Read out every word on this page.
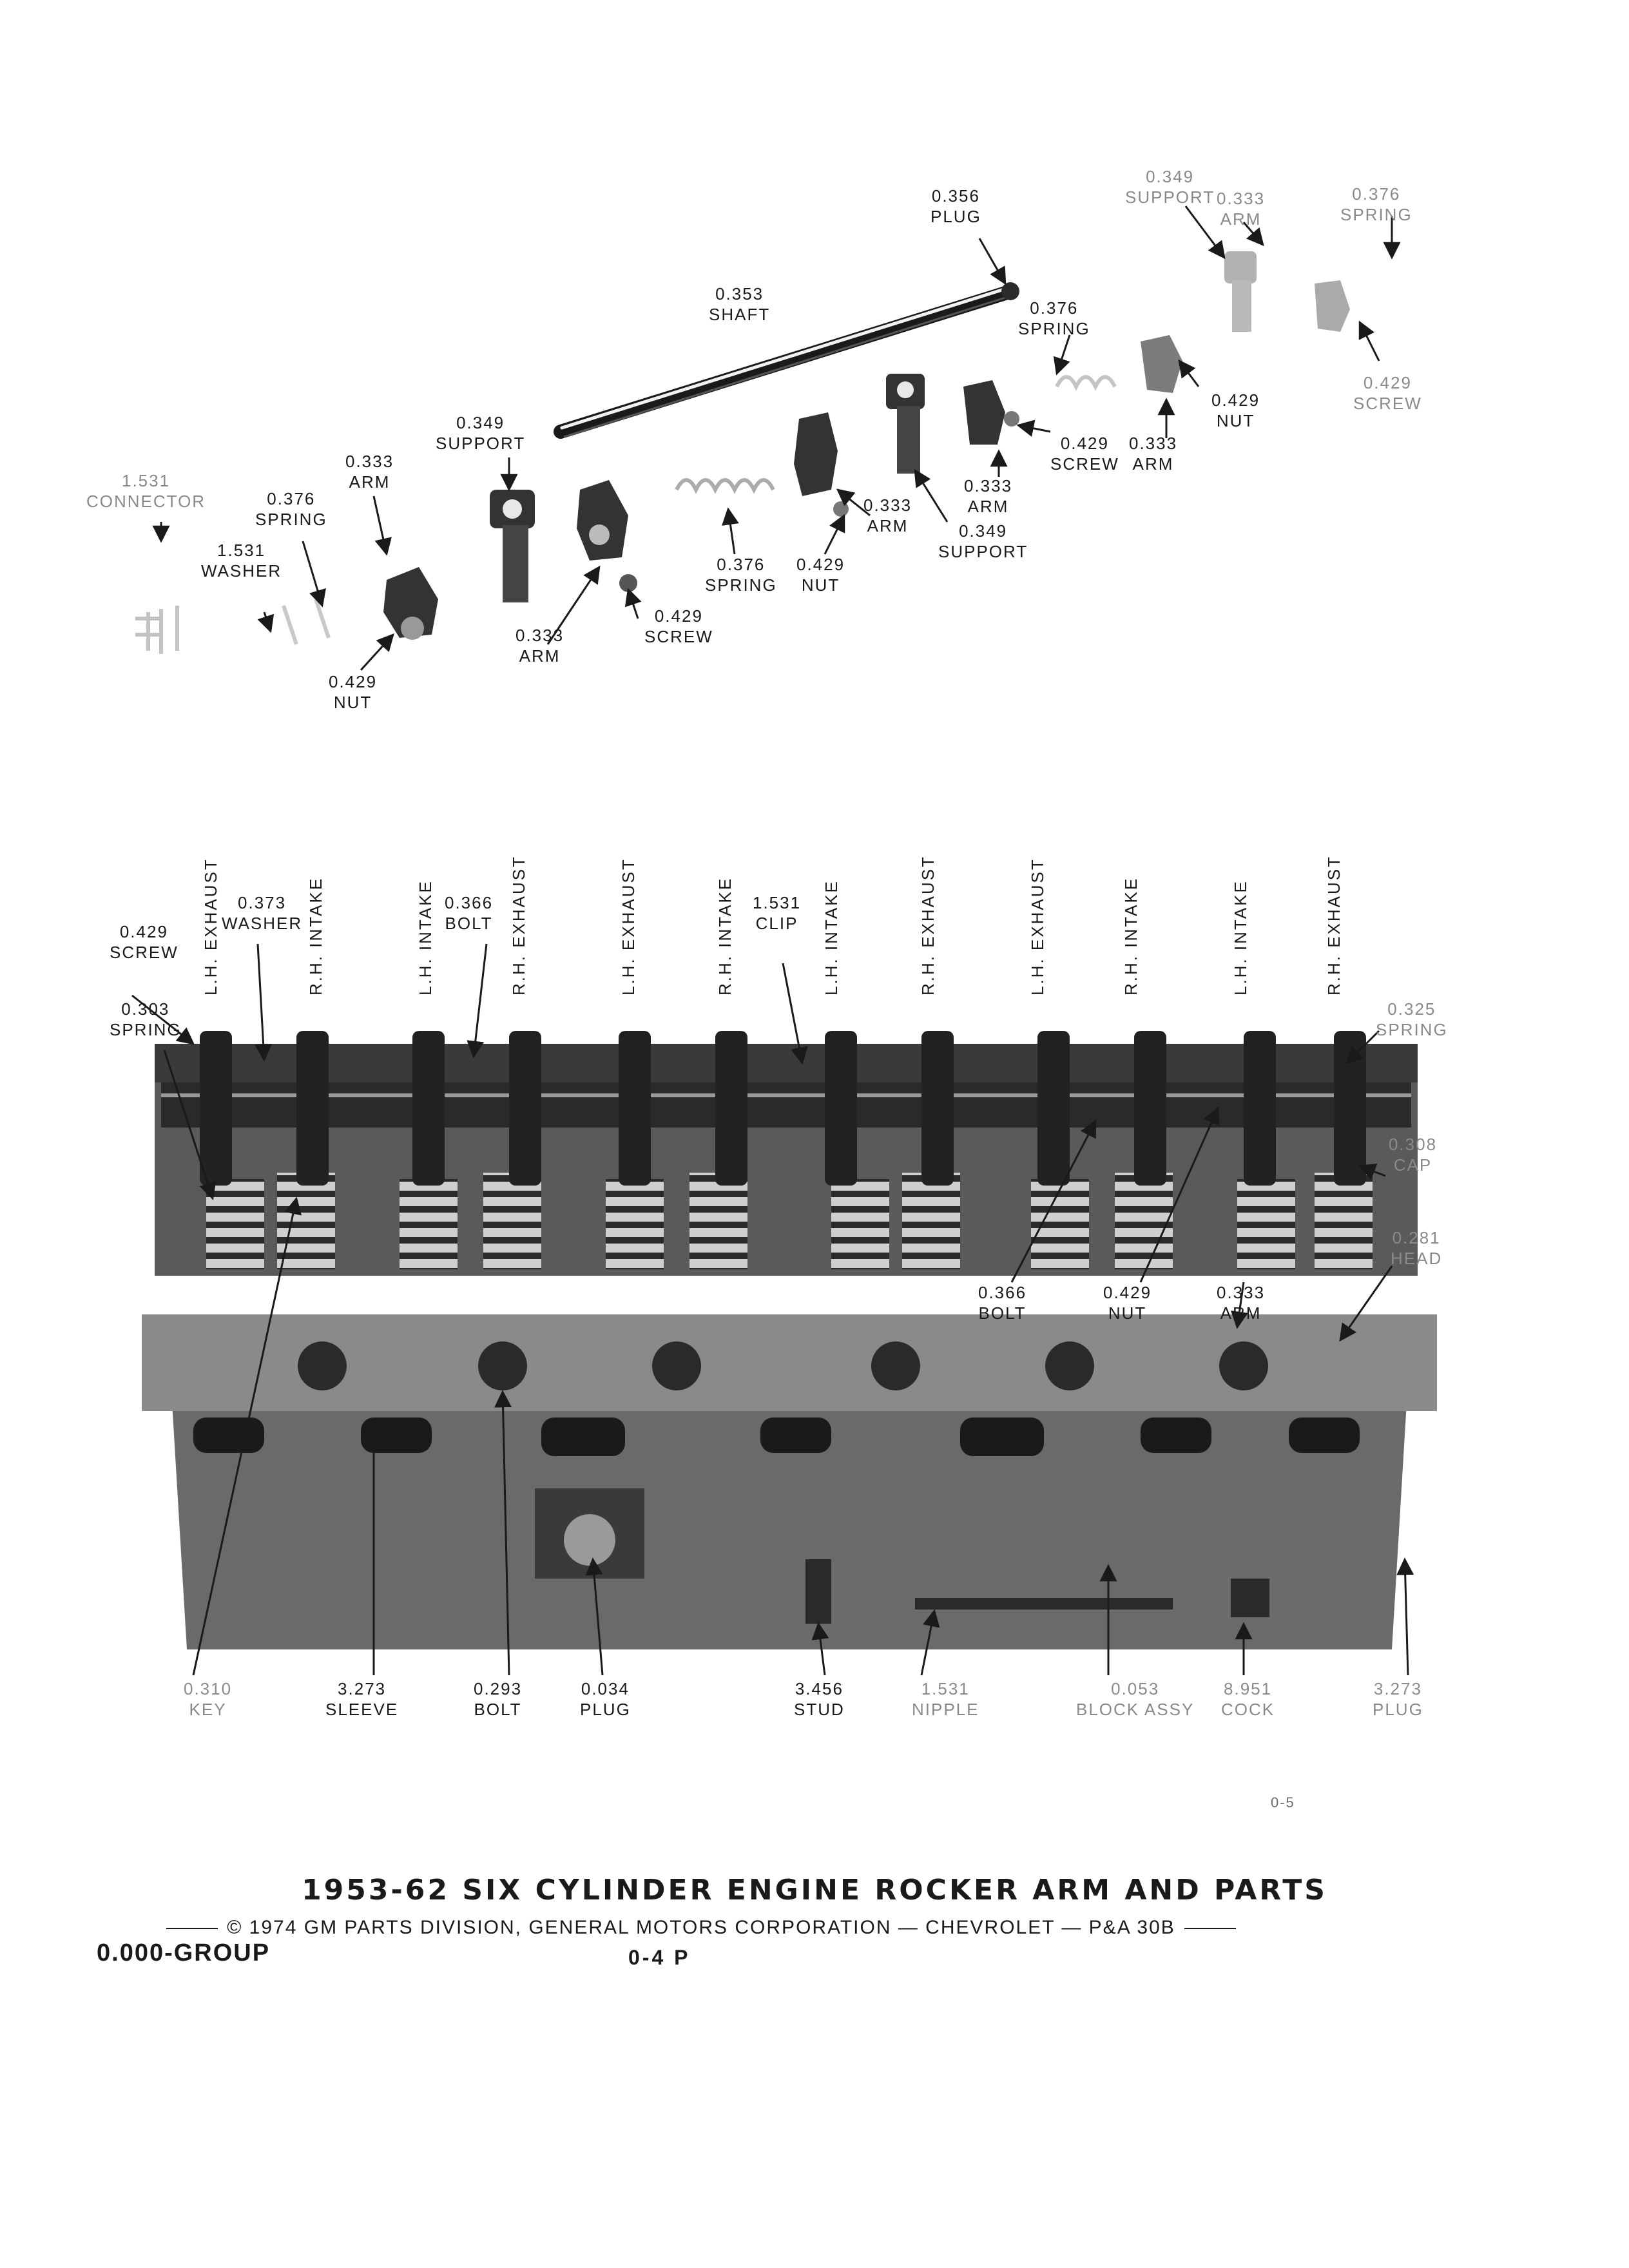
0.356
PLUG
0.349
SUPPORT 0.333
ARM
0.376
SPRING
0.353
SHAFT	0.376
SPRING
0.429
SCREW
0.429
NUT
0.349
SUPPORT
0.333
ARM
0.429
SCREW
0.333
ARM
0.333
ARM
0.333
ARM
1.531
CONNECTOR	0.376
SPRING
1.531
WASHER
0.349
SUPPORT
0.376
SPRING
0.429
NUT
0.333
ARM
0.429
SCREW
0.429
NUT
L.H. EXHAUST	R.H. INTAKE	L.H. INTAKE	R.H. EXHAUST	L.H. EXHAUST	R.H. INTAKE	L.H. INTAKE	R.H. EXHAUST	L.H. EXHAUST	R.H. INTAKE	L.H. INTAKE	R.H. EXHAUST
0.429
SCREW
0.373
WASHER
0.366
BOLT
1.531
CLIP
0.303
SPRING
0.325
SPRING
0.308
CAP
0.281
HEAD
0.366
BOLT
0.429
NUT
0.333
ARM
0.310
KEY
3.273
SLEEVE
0.293
BOLT
0.034
PLUG
3.456
STUD
1.531
NIPPLE
0.053
BLOCK ASSY
8.951
COCK
3.273
PLUG
0-5
1953-62 SIX CYLINDER ENGINE ROCKER ARM AND PARTS
© 1974 GM PARTS DIVISION, GENERAL MOTORS CORPORATION — CHEVROLET — P&A 30B
0.000-GROUP	0-4 P
